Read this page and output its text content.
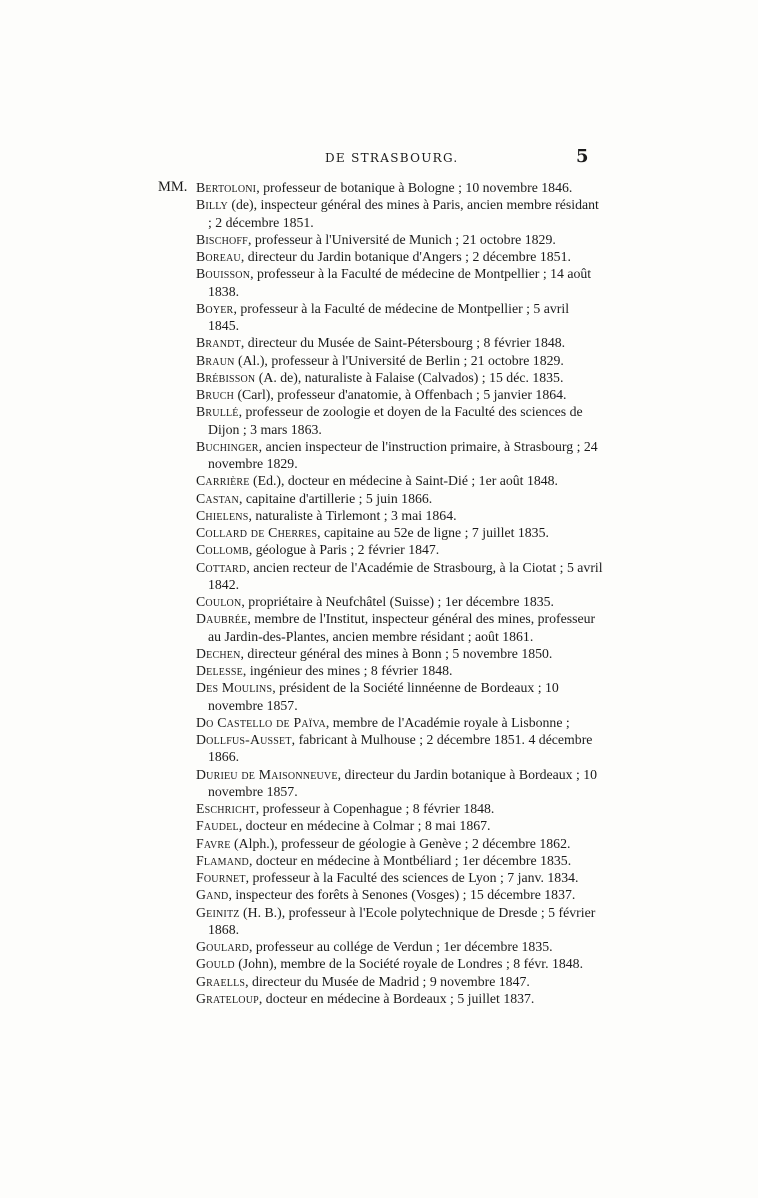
DE STRASBOURG.	5
MM. Bertoloni, professeur de botanique à Bologne ; 10 novembre 1846.
Billy (de), inspecteur général des mines à Paris, ancien membre résidant ; 2 décembre 1851.
Bischoff, professeur à l'Université de Munich ; 21 octobre 1829.
Boreau, directeur du Jardin botanique d'Angers ; 2 décembre 1851.
Bouisson, professeur à la Faculté de médecine de Montpellier ; 14 août 1838.
Boyer, professeur à la Faculté de médecine de Montpellier ; 5 avril 1845.
Brandt, directeur du Musée de Saint-Pétersbourg ; 8 février 1848.
Braun (Al.), professeur à l'Université de Berlin ; 21 octobre 1829.
Brébisson (A. de), naturaliste à Falaise (Calvados) ; 15 déc. 1835.
Bruch (Carl), professeur d'anatomie, à Offenbach ; 5 janvier 1864.
Brullé, professeur de zoologie et doyen de la Faculté des sciences de Dijon ; 3 mars 1863.
Buchinger, ancien inspecteur de l'instruction primaire, à Strasbourg ; 24 novembre 1829.
Carrière (Ed.), docteur en médecine à Saint-Dié ; 1er août 1848.
Castan, capitaine d'artillerie ; 5 juin 1866.
Chielens, naturaliste à Tirlemont ; 3 mai 1864.
Collard de Cherres, capitaine au 52e de ligne ; 7 juillet 1835.
Collomb, géologue à Paris ; 2 février 1847.
Cottard, ancien recteur de l'Académie de Strasbourg, à la Ciotat ; 5 avril 1842.
Coulon, propriétaire à Neufchâtel (Suisse) ; 1er décembre 1835.
Daubrée, membre de l'Institut, inspecteur général des mines, professeur au Jardin-des-Plantes, ancien membre résidant ; août 1861.
Dechen, directeur général des mines à Bonn ; 5 novembre 1850.
Delesse, ingénieur des mines ; 8 février 1848.
Des Moulins, président de la Société linnéenne de Bordeaux ; 10 novembre 1857.
Do Castello de Païva, membre de l'Académie royale à Lisbonne ;
Dollfus-Ausset, fabricant à Mulhouse ; 2 décembre 1851. 4 décembre 1866.
Durieu de Maisonneuve, directeur du Jardin botanique à Bordeaux ; 10 novembre 1857.
Eschricht, professeur à Copenhague ; 8 février 1848.
Faudel, docteur en médecine à Colmar ; 8 mai 1867.
Favre (Alph.), professeur de géologie à Genève ; 2 décembre 1862.
Flamand, docteur en médecine à Montbéliard ; 1er décembre 1835.
Fournet, professeur à la Faculté des sciences de Lyon ; 7 janv. 1834.
Gand, inspecteur des forêts à Senones (Vosges) ; 15 décembre 1837.
Geinitz (H. B.), professeur à l'Ecole polytechnique de Dresde ; 5 février 1868.
Goulard, professeur au collége de Verdun ; 1er décembre 1835.
Gould (John), membre de la Société royale de Londres ; 8 févr. 1848.
Graells, directeur du Musée de Madrid ; 9 novembre 1847.
Grateloup, docteur en médecine à Bordeaux ; 5 juillet 1837.
